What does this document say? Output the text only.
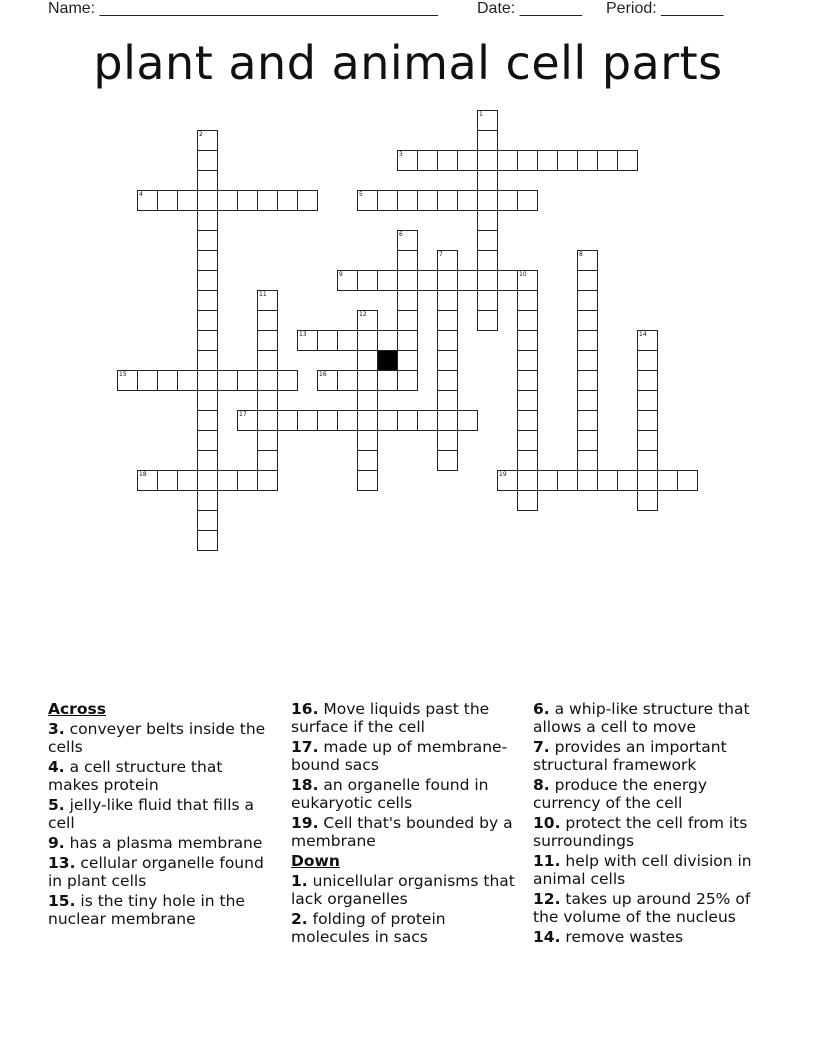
Name: ______________________________________ Date: _______ Period: _______
plant and animal cell parts
1
2
3
4	5
6
7	8
9	10
11
12
13	14
15	16
17
18	19
Across
3. conveyer belts inside the cells
4. a cell structure that makes protein
5. jelly-like fluid that fills a cell
9. has a plasma membrane
13. cellular organelle found in plant cells
15. is the tiny hole in the nuclear membrane
16. Move liquids past the surface if the cell
17. made up of membrane-bound sacs
18. an organelle found in eukaryotic cells
19. Cell that's bounded by a membrane
Down
1. unicellular organisms that lack organelles
2. folding of protein molecules in sacs
6. a whip-like structure that allows a cell to move
7. provides an important structural framework
8. produce the energy currency of the cell
10. protect the cell from its surroundings
11. help with cell division in animal cells
12. takes up around 25% of the volume of the nucleus
14. remove wastes
